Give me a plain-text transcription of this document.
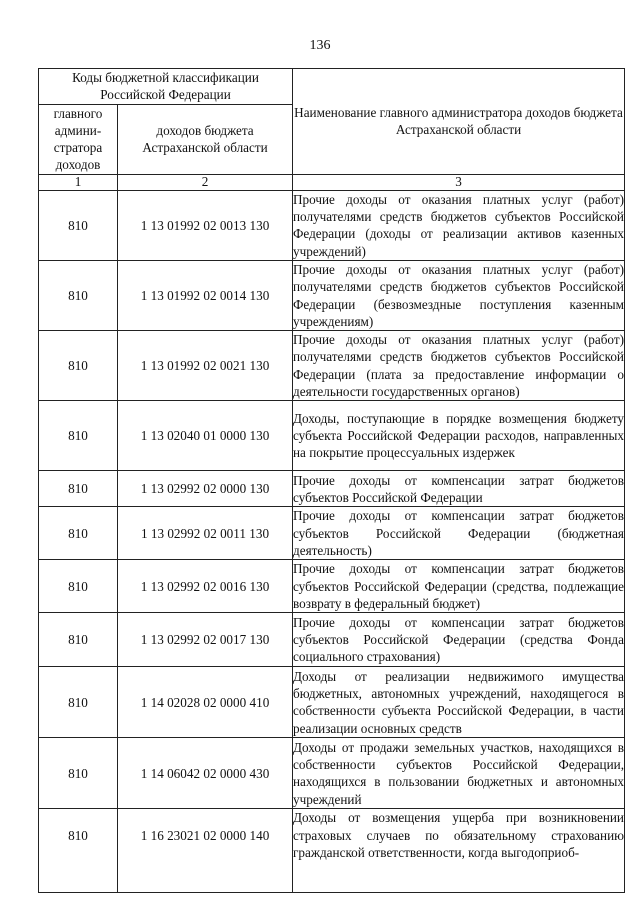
136
Коды бюджетной классификации Российской Федерации		Наименование главного администратора доходов бюджета Астраханской области
главного админи-стратора доходов	доходов бюджета Астраханской области	
1	2	3
810	1 13 01992 02 0013 130	Прочие доходы от оказания платных услуг (работ) получателями средств бюджетов субъектов Российской Федерации (доходы от реализации активов казенных учреждений)

810	1 13 01992 02 0014 130	Прочие доходы от оказания платных услуг (работ) получателями средств бюджетов субъектов Российской Федерации (безвозмездные поступления казенным учреждениям)

810	1 13 01992 02 0021 130	Прочие доходы от оказания платных услуг (работ) получателями средств бюджетов субъектов Российской Федерации (плата за предоставление информации о деятельности государственных органов)

810	1 13 02040 01 0000 130	Доходы, поступающие в порядке возмещения бюджету субъекта Российской Федерации расходов, направленных на покрытие процессуальных издержек

810	1 13 02992 02 0000 130	Прочие доходы от компенсации затрат бюджетов субъектов Российской Федерации

810	1 13 02992 02 0011 130	Прочие доходы от компенсации затрат бюджетов субъектов Российской Федерации (бюджетная деятельность)

810	1 13 02992 02 0016 130	Прочие доходы от компенсации затрат бюджетов субъектов Российской Федерации (средства, подлежащие возврату в федеральный бюджет)

810	1 13 02992 02 0017 130	Прочие доходы от компенсации затрат бюджетов субъектов Российской Федерации (средства Фонда социального страхования)

810	1 14 02028 02 0000 410	Доходы от реализации недвижимого имущества бюджетных, автономных учреждений, находящегося в собственности субъекта Российской Федерации, в части реализации основных средств

810	1 14 06042 02 0000 430	Доходы от продажи земельных участков, находящихся в собственности субъектов Российской Федерации, находящихся в пользовании бюджетных и автономных учреждений

810	1 16 23021 02 0000 140	Доходы от возмещения ущерба при возникновении страховых случаев по обязательному страхованию гражданской ответственности, когда выгодоприоб-
